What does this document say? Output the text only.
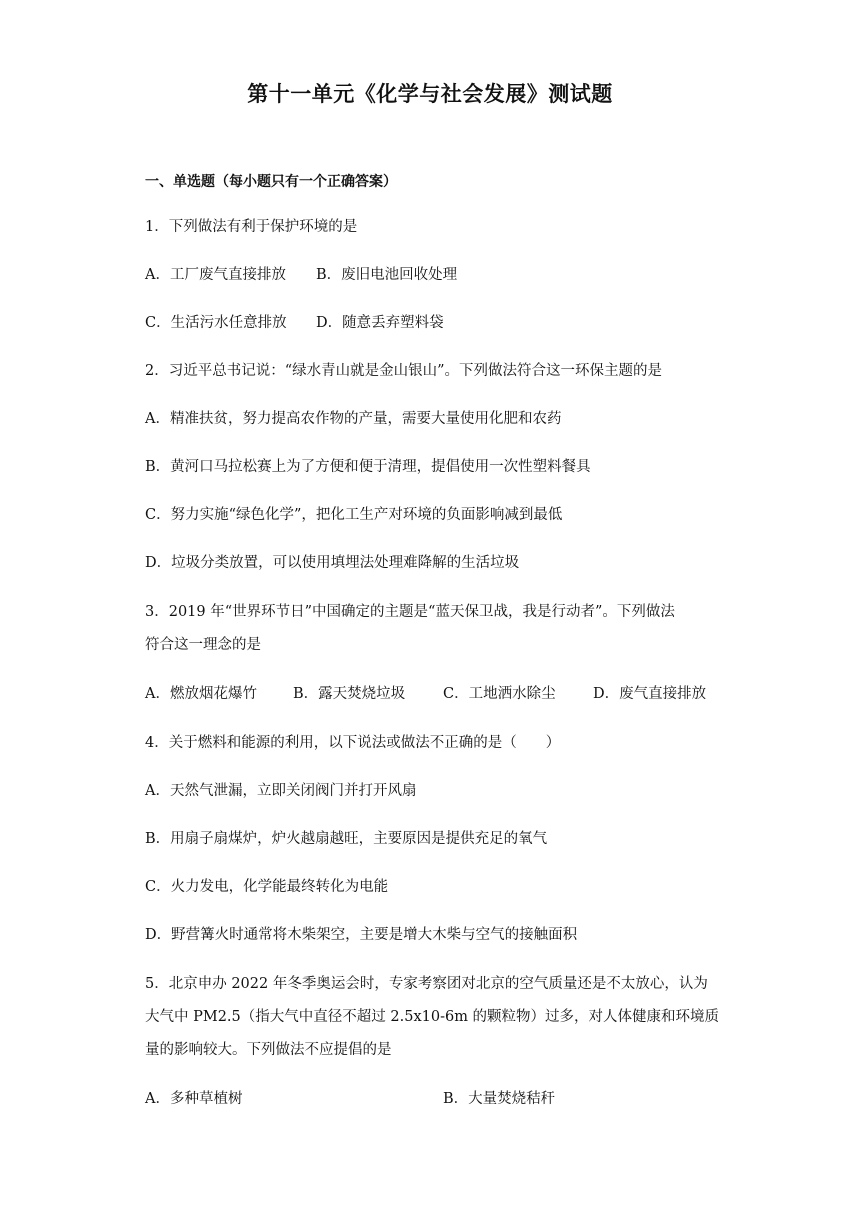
第十一单元《化学与社会发展》测试题
一、单选题（每小题只有一个正确答案）
1．下列做法有利于保护环境的是
A．工厂废气直接排放 B．废旧电池回收处理
C．生活污水任意排放 D．随意丢弃塑料袋
2．习近平总书记说：“绿水青山就是金山银山”。下列做法符合这一环保主题的是
A．精准扶贫，努力提高农作物的产量，需要大量使用化肥和农药
B．黄河口马拉松赛上为了方便和便于清理，提倡使用一次性塑料餐具
C．努力实施“绿色化学”，把化工生产对环境的负面影响减到最低
D．垃圾分类放置，可以使用填埋法处理难降解的生活垃圾
3．2019 年“世界环节日”中国确定的主题是“蓝天保卫战，我是行动者”。下列做法
符合这一理念的是
A．燃放烟花爆竹 B．露天焚烧垃圾	C．工地洒水除尘	D．废气直接排放
4．关于燃料和能源的利用，以下说法或做法不正确的是（　　）
A．天然气泄漏，立即关闭阀门并打开风扇
B．用扇子扇煤炉，炉火越扇越旺，主要原因是提供充足的氧气
C．火力发电，化学能最终转化为电能
D．野营篝火时通常将木柴架空，主要是增大木柴与空气的接触面积
5．北京申办 2022 年冬季奥运会时，专家考察团对北京的空气质量还是不太放心，认为
大气中 PM2.5（指大气中直径不超过 2.5x10-6m 的颗粒物）过多，对人体健康和环境质
量的影响较大。下列做法不应提倡的是
A．多种草植树	B．大量焚烧秸秆
